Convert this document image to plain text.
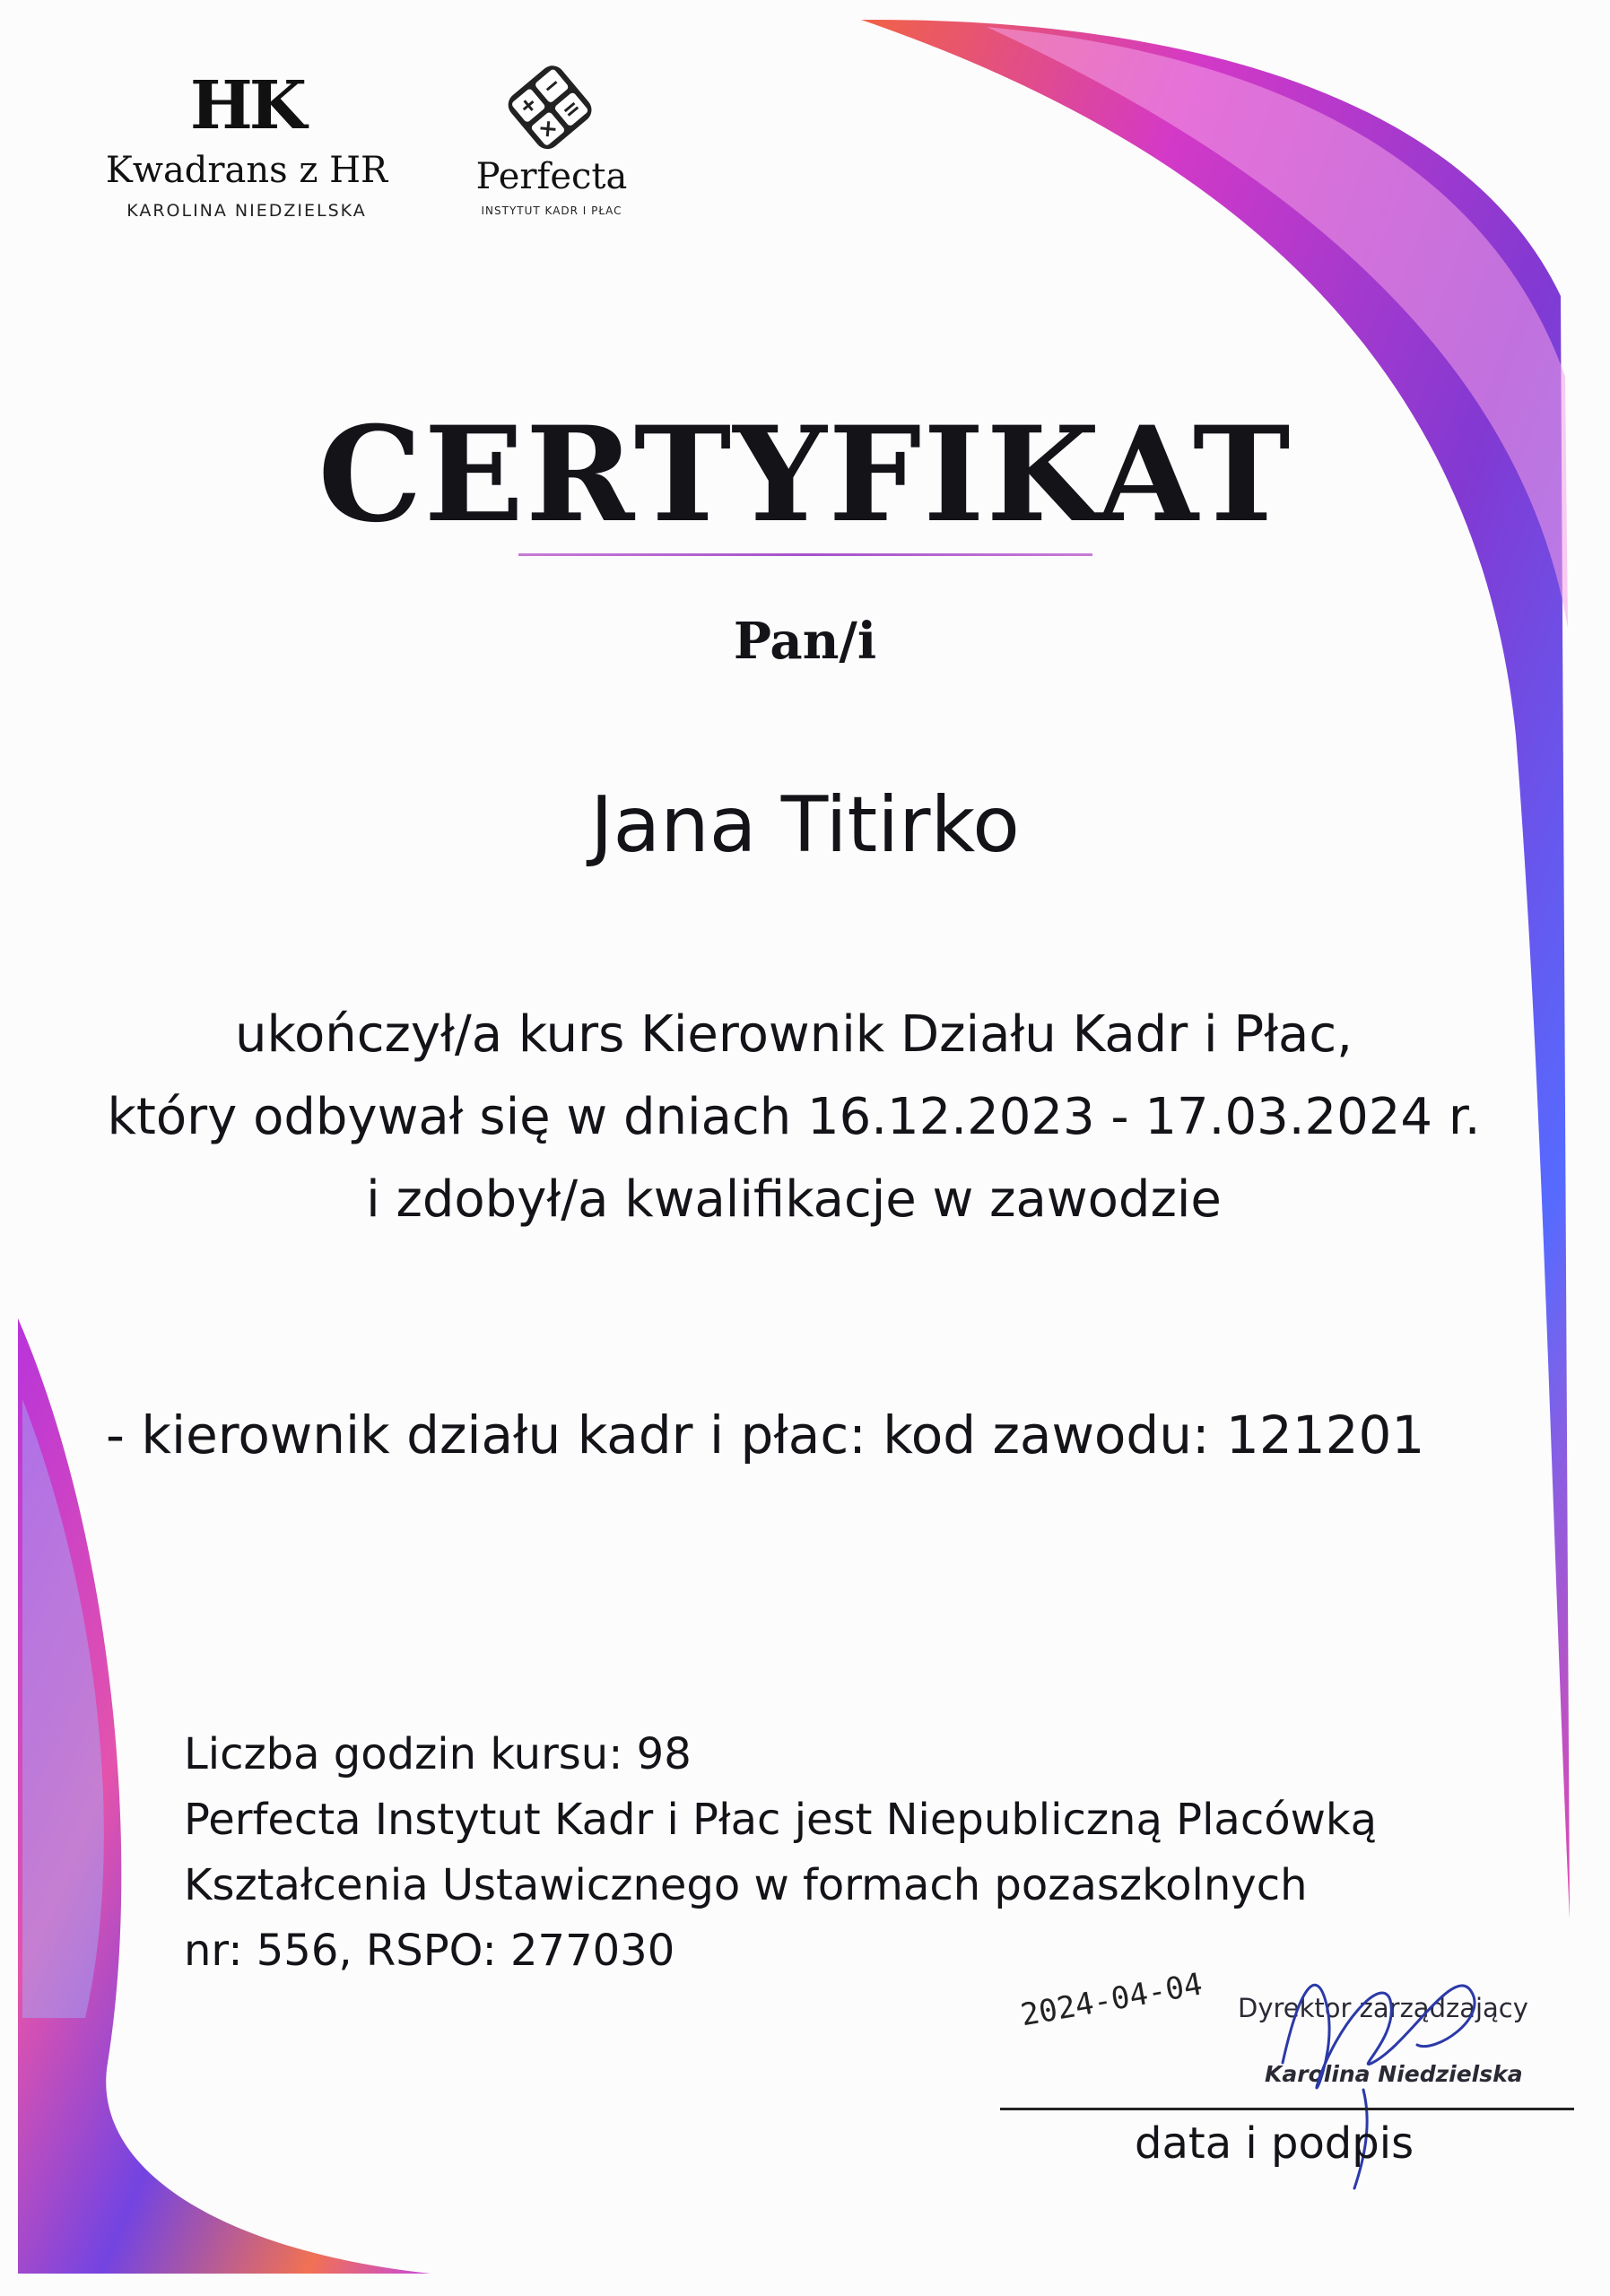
HK
Kwadrans z HR
KAROLINA NIEDZIELSKA
Perfecta
INSTYTUT KADR I PŁAC
CERTYFIKAT
Pan/i
Jana Titirko
ukończył/a kurs Kierownik Działu Kadr i Płac,
który odbywał się w dniach 16.12.2023 - 17.03.2024 r.
i zdobył/a kwalifikacje w zawodzie
- kierownik działu kadr i płac: kod zawodu: 121201
Liczba godzin kursu: 98
Perfecta Instytut Kadr i Płac jest Niepubliczną Placówką
Kształcenia Ustawicznego w formach pozaszkolnych
nr: 556, RSPO: 277030
2024-04-04 Dyrektor zarządzający
Karolina Niedzielska
data i podpis
